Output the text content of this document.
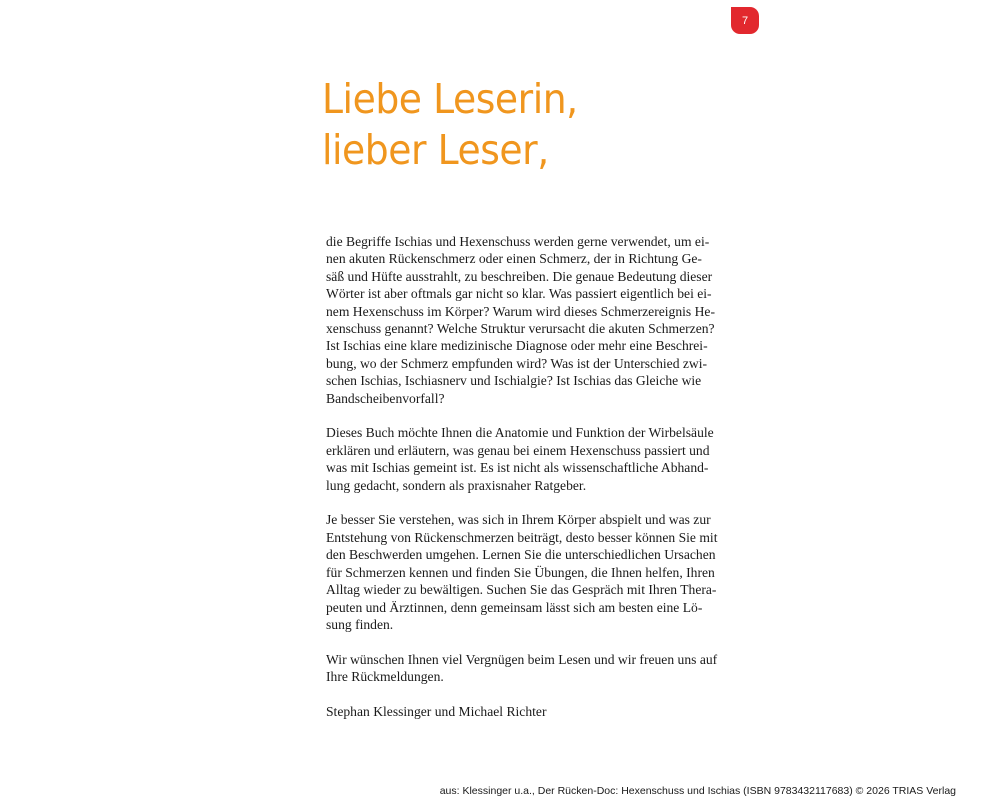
7
Liebe Leserin,
lieber Leser,

die Begriffe Ischias und Hexenschuss werden gerne verwendet, um ei-
nen akuten Rückenschmerz oder einen Schmerz, der in Richtung Ge-
säß und Hüfte ausstrahlt, zu beschreiben. Die genaue Bedeutung dieser
Wörter ist aber oftmals gar nicht so klar. Was passiert eigentlich bei ei-
nem Hexenschuss im Körper? Warum wird dieses Schmerzereignis He-
xenschuss genannt? Welche Struktur verursacht die akuten Schmerzen?
Ist Ischias eine klare medizinische Diagnose oder mehr eine Beschrei-
bung, wo der Schmerz empfunden wird? Was ist der Unterschied zwi-
schen Ischias, Ischiasnerv und Ischialgie? Ist Ischias das Gleiche wie
Bandscheibenvorfall?

Dieses Buch möchte Ihnen die Anatomie und Funktion der Wirbelsäule
erklären und erläutern, was genau bei einem Hexenschuss passiert und
was mit Ischias gemeint ist. Es ist nicht als wissenschaftliche Abhand-
lung gedacht, sondern als praxisnaher Ratgeber.

Je besser Sie verstehen, was sich in Ihrem Körper abspielt und was zur
Entstehung von Rückenschmerzen beiträgt, desto besser können Sie mit
den Beschwerden umgehen. Lernen Sie die unterschiedlichen Ursachen
für Schmerzen kennen und finden Sie Übungen, die Ihnen helfen, Ihren
Alltag wieder zu bewältigen. Suchen Sie das Gespräch mit Ihren Thera-
peuten und Ärztinnen, denn gemeinsam lässt sich am besten eine Lö-
sung finden.

Wir wünschen Ihnen viel Vergnügen beim Lesen und wir freuen uns auf
Ihre Rückmeldungen.

Stephan Klessinger und Michael Richter

aus: Klessinger u.a., Der Rücken-Doc: Hexenschuss und Ischias (ISBN 9783432117683) © 2026 TRIAS Verlag
